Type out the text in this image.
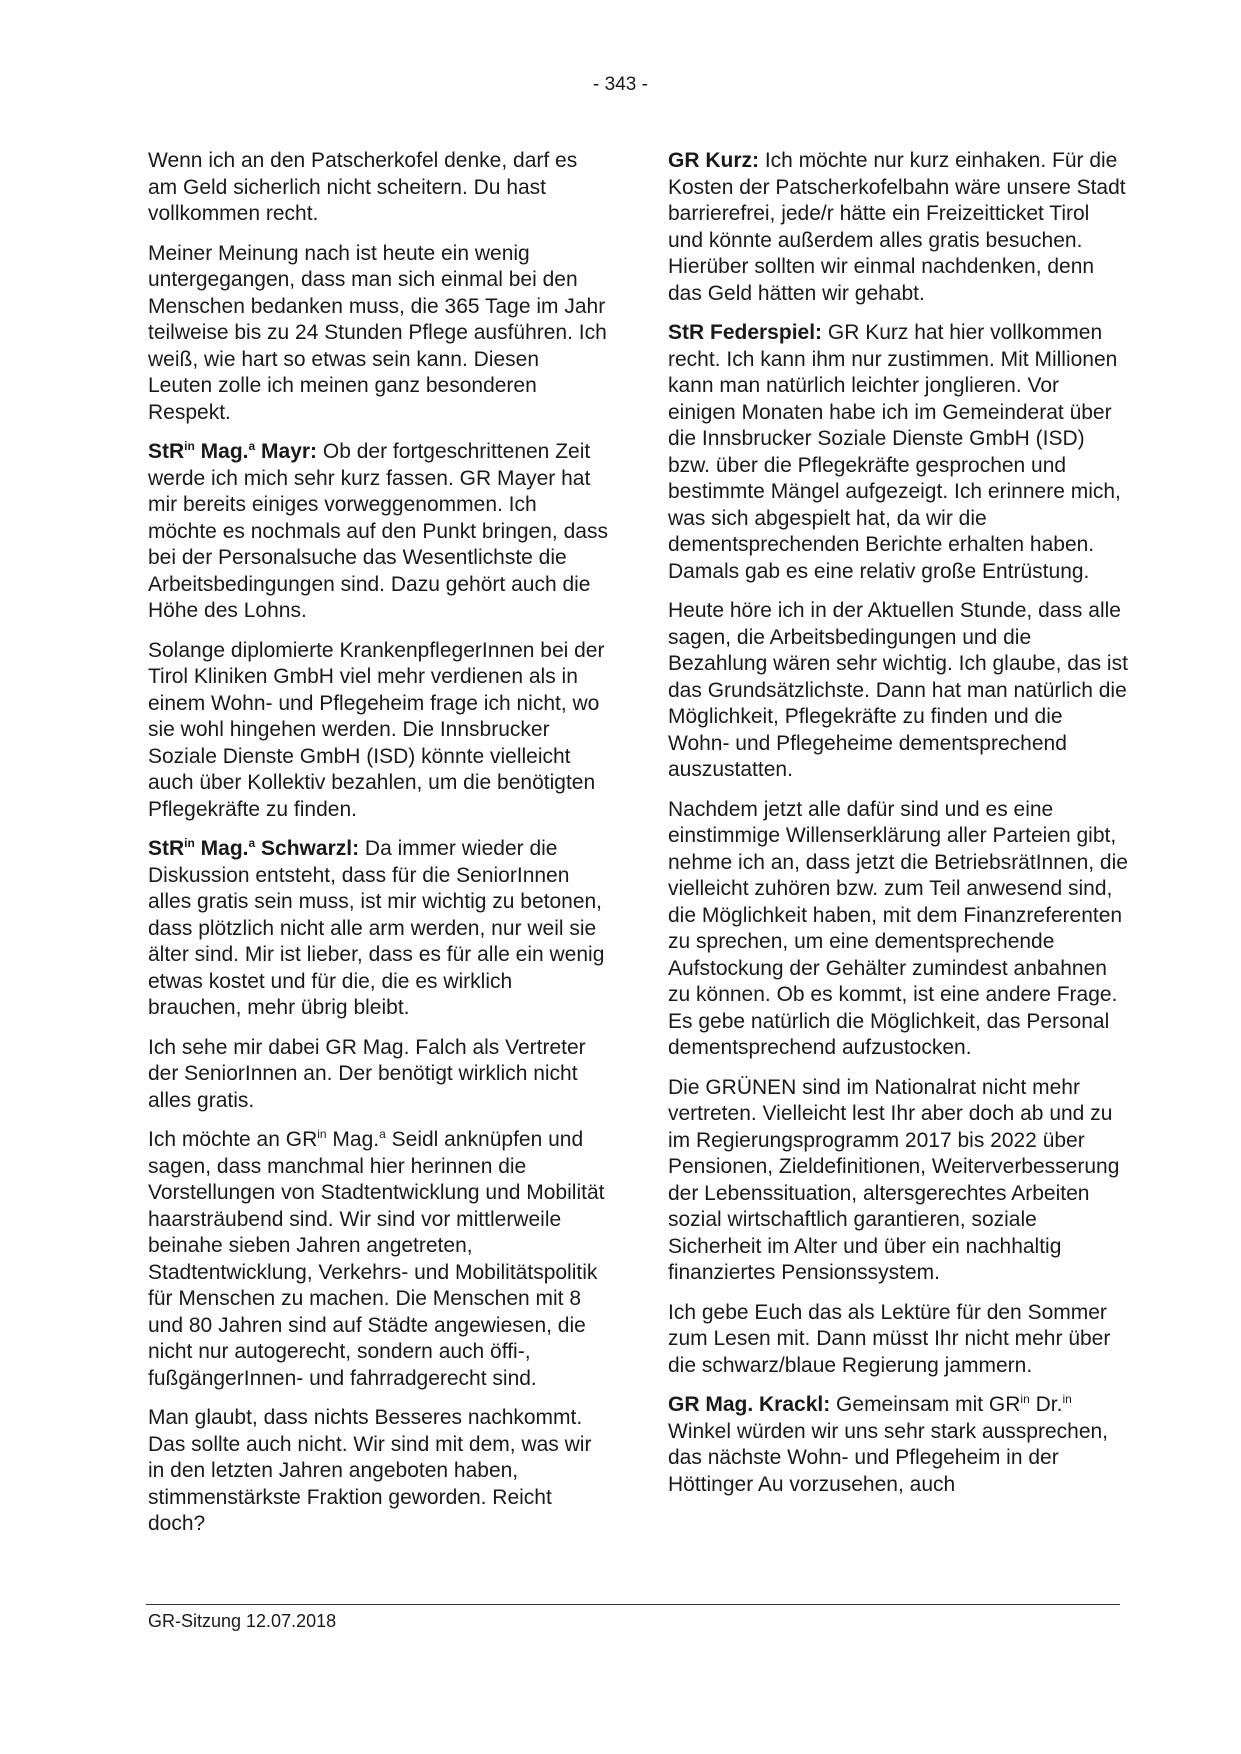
- 343 -

Wenn ich an den Patscherkofel denke, darf es am Geld sicherlich nicht scheitern. Du hast vollkommen recht.

Meiner Meinung nach ist heute ein wenig untergegangen, dass man sich einmal bei den Menschen bedanken muss, die 365 Tage im Jahr teilweise bis zu 24 Stunden Pflege ausführen. Ich weiß, wie hart so etwas sein kann. Diesen Leuten zolle ich meinen ganz besonderen Respekt.

StR$^{in}$ Mag.$^a$ Mayr: Ob der fortgeschrittenen Zeit werde ich mich sehr kurz fassen. GR Mayer hat mir bereits einiges vorweggenommen. Ich möchte es nochmals auf den Punkt bringen, dass bei der Personalsuche das Wesentlichste die Arbeitsbedingungen sind. Dazu gehört auch die Höhe des Lohns.

Solange diplomierte KrankenpflegerInnen bei der Tirol Kliniken GmbH viel mehr verdienen als in einem Wohn- und Pflegeheim frage ich nicht, wo sie wohl hingehen werden. Die Innsbrucker Soziale Dienste GmbH (ISD) könnte vielleicht auch über Kollektiv bezahlen, um die benötigten Pflegekräfte zu finden.

StR$^{in}$ Mag.$^a$ Schwarzl: Da immer wieder die Diskussion entsteht, dass für die SeniorInnen alles gratis sein muss, ist mir wichtig zu betonen, dass plötzlich nicht alle arm werden, nur weil sie älter sind. Mir ist lieber, dass es für alle ein wenig etwas kostet und für die, die es wirklich brauchen, mehr übrig bleibt.

Ich sehe mir dabei GR Mag. Falch als Vertreter der SeniorInnen an. Der benötigt wirklich nicht alles gratis.

Ich möchte an $GR^{in}$ Mag.$^a$ Seidl anknüpfen und sagen, dass manchmal hier herinnen die Vorstellungen von Stadtentwicklung und Mobilität haarsträubend sind. Wir sind vor mittlerweile beinahe sieben Jahren angetreten, Stadtentwicklung, Verkehrs- und Mobilitätspolitik für Menschen zu machen. Die Menschen mit 8 und 80 Jahren sind auf Städte angewiesen, die nicht nur autogerecht, sondern auch öffi-, fußgängerInnen- und fahrradgerecht sind.

Man glaubt, dass nichts Besseres nachkommt. Das sollte auch nicht. Wir sind mit dem, was wir in den letzten Jahren angeboten haben, stimmenstärkste Fraktion geworden. Reicht doch?

GR Kurz: Ich möchte nur kurz einhaken. Für die Kosten der Patscherkofelbahn wäre unsere Stadt barrierefrei, jede/r hätte ein Freizeitticket Tirol und könnte außerdem alles gratis besuchen. Hierüber sollten wir einmal nachdenken, denn das Geld hätten wir gehabt.

StR Federspiel: GR Kurz hat hier vollkommen recht. Ich kann ihm nur zustimmen. Mit Millionen kann man natürlich leichter jonglieren. Vor einigen Monaten habe ich im Gemeinderat über die Innsbrucker Soziale Dienste GmbH (ISD) bzw. über die Pflegekräfte gesprochen und bestimmte Mängel aufgezeigt. Ich erinnere mich, was sich abgespielt hat, da wir die dementsprechenden Berichte erhalten haben. Damals gab es eine relativ große Entrüstung.

Heute höre ich in der Aktuellen Stunde, dass alle sagen, die Arbeitsbedingungen und die Bezahlung wären sehr wichtig. Ich glaube, das ist das Grundsätzlichste. Dann hat man natürlich die Möglichkeit, Pflegekräfte zu finden und die Wohn- und Pflegeheime dementsprechend auszustatten.

Nachdem jetzt alle dafür sind und es eine einstimmige Willenserklärung aller Parteien gibt, nehme ich an, dass jetzt die BetriebsrätInnen, die vielleicht zuhören bzw. zum Teil anwesend sind, die Möglichkeit haben, mit dem Finanzreferenten zu sprechen, um eine dementsprechende Aufstockung der Gehälter zumindest anbahnen zu können. Ob es kommt, ist eine andere Frage. Es gebe natürlich die Möglichkeit, das Personal dementsprechend aufzustocken.

Die GRÜNEN sind im Nationalrat nicht mehr vertreten. Vielleicht lest Ihr aber doch ab und zu im Regierungsprogramm 2017 bis 2022 über Pensionen, Zieldefinitionen, Weiterverbesserung der Lebenssituation, altersgerechtes Arbeiten sozial wirtschaftlich garantieren, soziale Sicherheit im Alter und über ein nachhaltig finanziertes Pensionssystem.

Ich gebe Euch das als Lektüre für den Sommer zum Lesen mit. Dann müsst Ihr nicht mehr über die schwarz/blaue Regierung jammern.

GR Mag. Krackl: Gemeinsam mit $GR^{in}$ Dr.$^{in}$ Winkel würden wir uns sehr stark aussprechen, das nächste Wohn- und Pflegeheim in der Höttinger Au vorzusehen, auch

GR-Sitzung 12.07.2018
